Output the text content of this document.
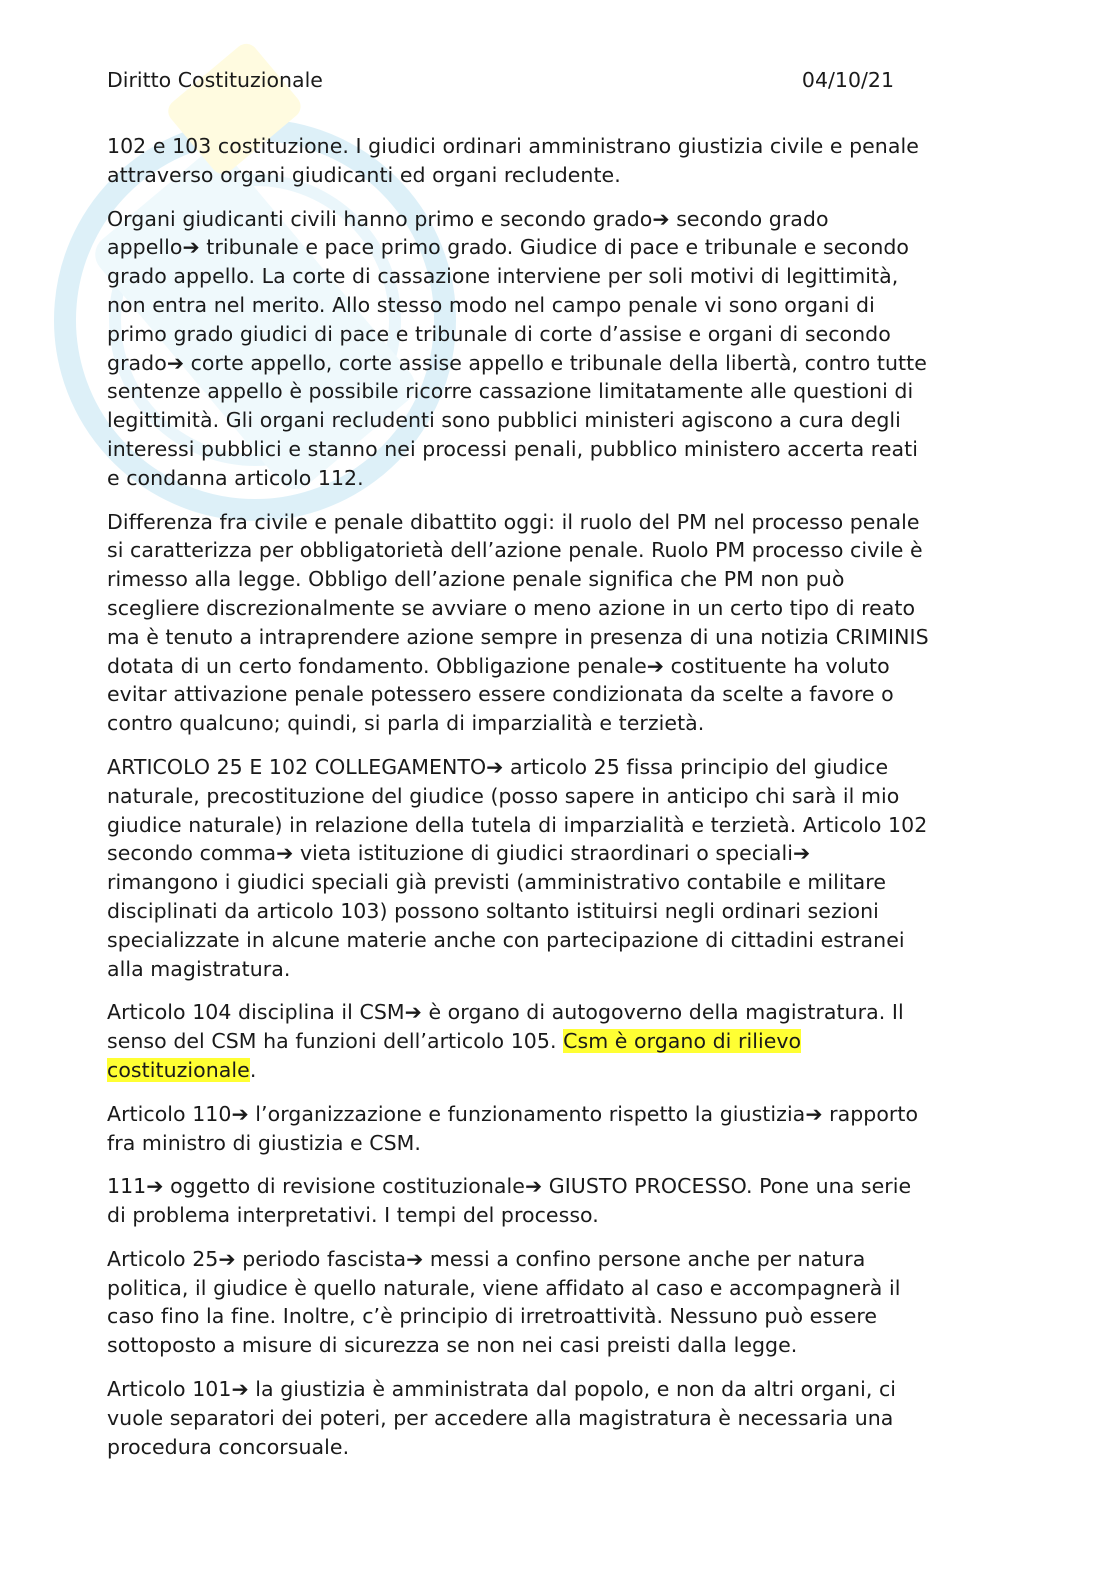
Diritto Costituzionale	04/10/21

102 e 103 costituzione. I giudici ordinari amministrano giustizia civile e penale
attraverso organi giudicanti ed organi recludente.

Organi giudicanti civili hanno primo e secondo grado➔ secondo grado
appello➔ tribunale e pace primo grado. Giudice di pace e tribunale e secondo
grado appello. La corte di cassazione interviene per soli motivi di legittimità,
non entra nel merito. Allo stesso modo nel campo penale vi sono organi di
primo grado giudici di pace e tribunale di corte d’assise e organi di secondo
grado➔ corte appello, corte assise appello e tribunale della libertà, contro tutte
sentenze appello è possibile ricorre cassazione limitatamente alle questioni di
legittimità. Gli organi recludenti sono pubblici ministeri agiscono a cura degli
interessi pubblici e stanno nei processi penali, pubblico ministero accerta reati
e condanna articolo 112.

Differenza fra civile e penale dibattito oggi: il ruolo del PM nel processo penale
si caratterizza per obbligatorietà dell’azione penale. Ruolo PM processo civile è
rimesso alla legge. Obbligo dell’azione penale significa che PM non può
scegliere discrezionalmente se avviare o meno azione in un certo tipo di reato
ma è tenuto a intraprendere azione sempre in presenza di una notizia CRIMINIS
dotata di un certo fondamento. Obbligazione penale➔ costituente ha voluto
evitar attivazione penale potessero essere condizionata da scelte a favore o
contro qualcuno; quindi, si parla di imparzialità e terzietà.

ARTICOLO 25 E 102 COLLEGAMENTO➔ articolo 25 fissa principio del giudice
naturale, precostituzione del giudice (posso sapere in anticipo chi sarà il mio
giudice naturale) in relazione della tutela di imparzialità e terzietà. Articolo 102
secondo comma➔ vieta istituzione di giudici straordinari o speciali➔
rimangono i giudici speciali già previsti (amministrativo contabile e militare
disciplinati da articolo 103) possono soltanto istituirsi negli ordinari sezioni
specializzate in alcune materie anche con partecipazione di cittadini estranei
alla magistratura.

Articolo 104 disciplina il CSM➔ è organo di autogoverno della magistratura. Il
senso del CSM ha funzioni dell’articolo 105. Csm è organo di rilievo
costituzionale.

Articolo 110➔ l’organizzazione e funzionamento rispetto la giustizia➔ rapporto
fra ministro di giustizia e CSM.

111➔ oggetto di revisione costituzionale➔ GIUSTO PROCESSO. Pone una serie
di problema interpretativi. I tempi del processo.

Articolo 25➔ periodo fascista➔ messi a confino persone anche per natura
politica, il giudice è quello naturale, viene affidato al caso e accompagnerà il
caso fino la fine. Inoltre, c’è principio di irretroattività. Nessuno può essere
sottoposto a misure di sicurezza se non nei casi preisti dalla legge.

Articolo 101➔ la giustizia è amministrata dal popolo, e non da altri organi, ci
vuole separatori dei poteri, per accedere alla magistratura è necessaria una
procedura concorsuale.
